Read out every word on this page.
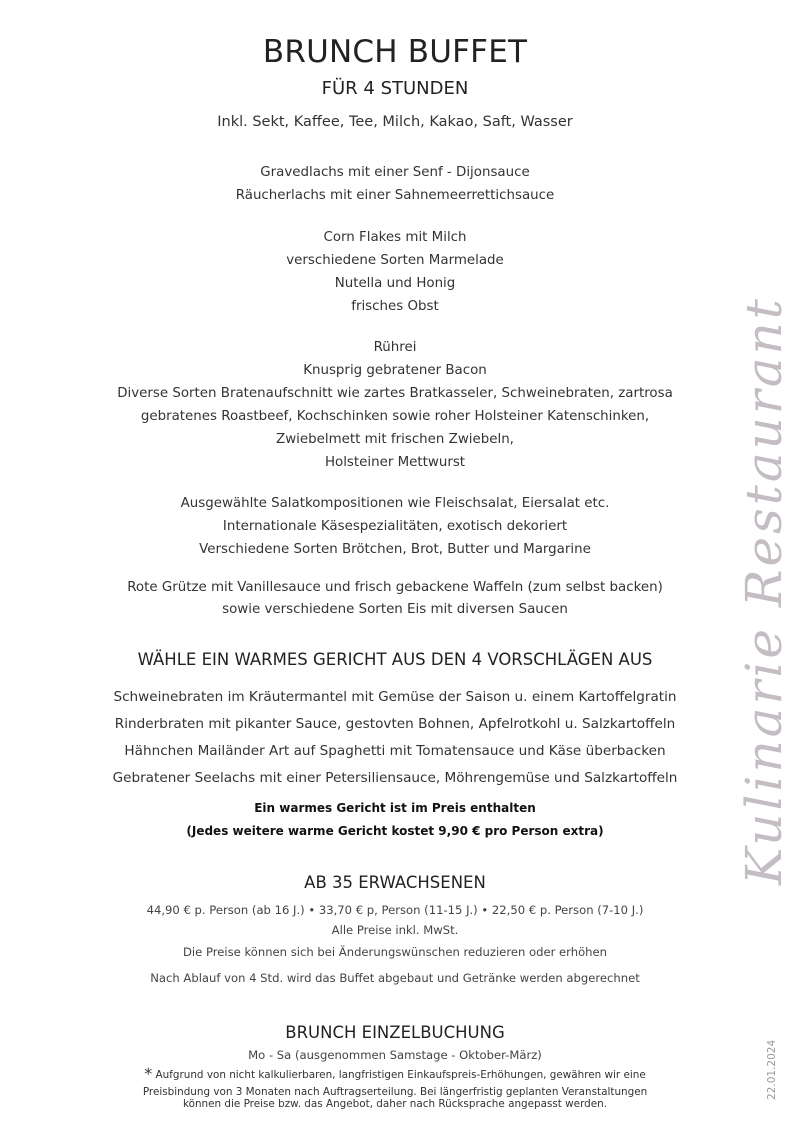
BRUNCH BUFFET
FÜR 4 STUNDEN
Inkl. Sekt, Kaffee, Tee, Milch, Kakao, Saft, Wasser
Gravedlachs mit einer Senf - Dijonsauce
Räucherlachs mit einer Sahnemeerrettichsauce
Corn Flakes mit Milch
verschiedene Sorten Marmelade
Nutella und Honig
frisches Obst
Rührei
Knusprig gebratener Bacon
Diverse Sorten Bratenaufschnitt wie zartes Bratkasseler, Schweinebraten, zartrosa
gebratenes Roastbeef, Kochschinken sowie roher Holsteiner Katenschinken,
Zwiebelmett mit frischen Zwiebeln,
Holsteiner Mettwurst
Ausgewählte Salatkompositionen wie Fleischsalat, Eiersalat etc.
Internationale Käsespezialitäten, exotisch dekoriert
Verschiedene Sorten Brötchen, Brot, Butter und Margarine
Rote Grütze mit Vanillesauce und frisch gebackene Waffeln (zum selbst backen)
sowie verschiedene Sorten Eis mit diversen Saucen
WÄHLE EIN WARMES GERICHT AUS DEN 4 VORSCHLÄGEN AUS
Schweinebraten im Kräutermantel mit Gemüse der Saison u. einem Kartoffelgratin
Rinderbraten mit pikanter Sauce, gestovten Bohnen, Apfelrotkohl u. Salzkartoffeln
Hähnchen Mailänder Art auf Spaghetti mit Tomatensauce und Käse überbacken
Gebratener Seelachs mit einer Petersiliensauce, Möhrengemüse und Salzkartoffeln
Ein warmes Gericht ist im Preis enthalten
(Jedes weitere warme Gericht kostet 9,90 € pro Person extra)
AB 35 ERWACHSENEN
44,90 € p. Person (ab 16 J.) • 33,70 € p, Person (11-15 J.) • 22,50 € p. Person (7-10 J.)
Alle Preise inkl. MwSt.
Die Preise können sich bei Änderungswünschen reduzieren oder erhöhen
Nach Ablauf von 4 Std. wird das Buffet abgebaut und Getränke werden abgerechnet
BRUNCH EINZELBUCHUNG
Mo - Sa (ausgenommen Samstage - Oktober-März)
* Aufgrund von nicht kalkulierbaren, langfristigen Einkaufspreis-Erhöhungen, gewähren wir eine
Preisbindung von 3 Monaten nach Auftragserteilung. Bei längerfristig geplanten Veranstaltungen
können die Preise bzw. das Angebot, daher nach Rücksprache angepasst werden.
Kulinarie Restaurant
22.01.2024
